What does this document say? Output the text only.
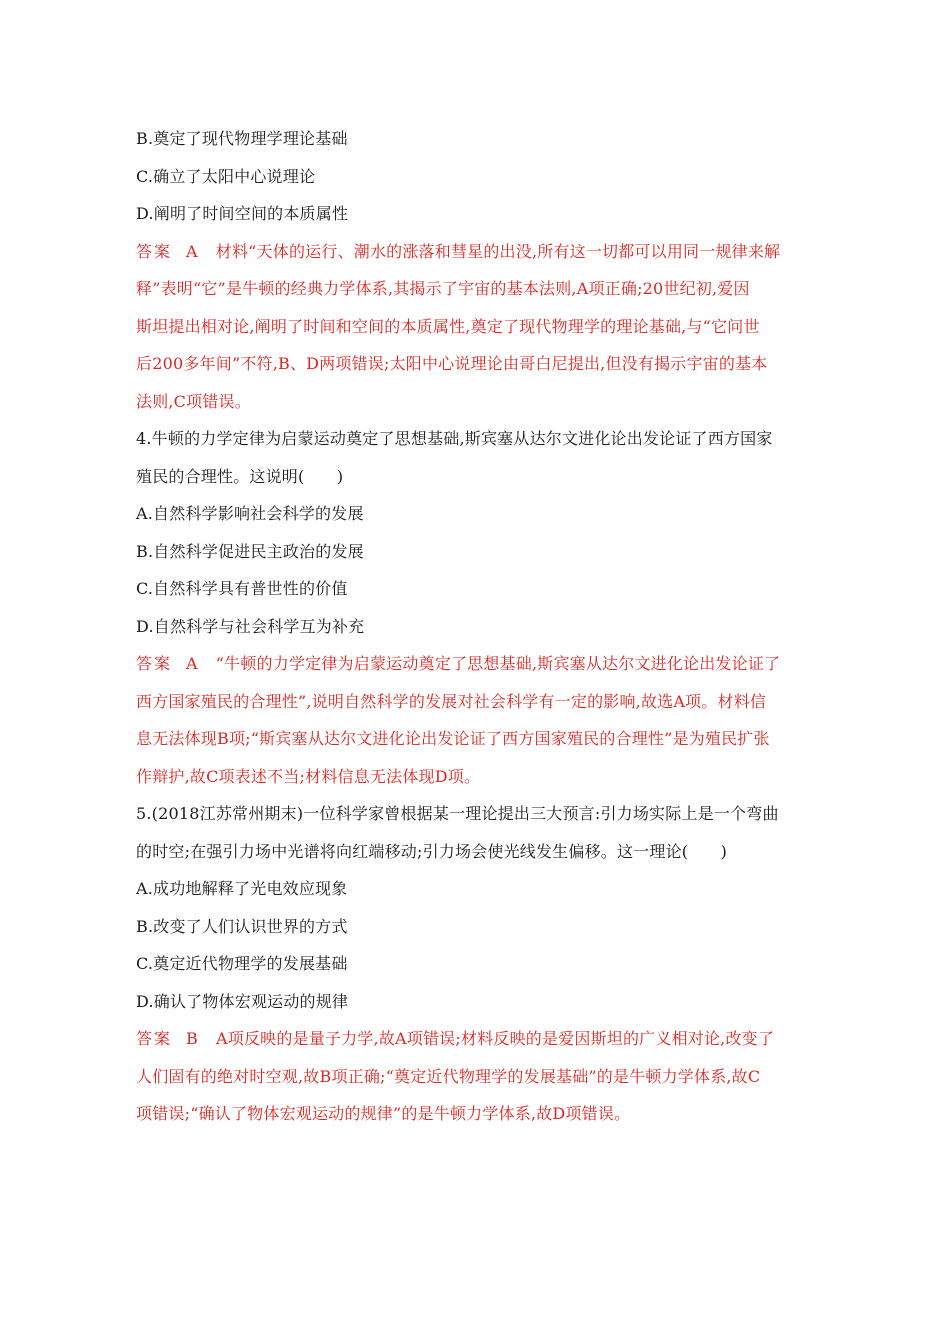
B.奠定了现代物理学理论基础
C.确立了太阳中心说理论
D.阐明了时间空间的本质属性
答案 A 材料“天体的运行、潮水的涨落和彗星的出没,所有这一切都可以用同一规律来解
释”表明“它”是牛顿的经典力学体系,其揭示了宇宙的基本法则,A项正确;20世纪初,爱因
斯坦提出相对论,阐明了时间和空间的本质属性,奠定了现代物理学的理论基础,与“它问世
后200多年间”不符,B、D两项错误;太阳中心说理论由哥白尼提出,但没有揭示宇宙的基本
法则,C项错误。
4.牛顿的力学定律为启蒙运动奠定了思想基础,斯宾塞从达尔文进化论出发论证了西方国家
殖民的合理性。这说明(　　)
A.自然科学影响社会科学的发展
B.自然科学促进民主政治的发展
C.自然科学具有普世性的价值
D.自然科学与社会科学互为补充
答案 A “牛顿的力学定律为启蒙运动奠定了思想基础,斯宾塞从达尔文进化论出发论证了
西方国家殖民的合理性”,说明自然科学的发展对社会科学有一定的影响,故选A项。材料信
息无法体现B项;“斯宾塞从达尔文进化论出发论证了西方国家殖民的合理性”是为殖民扩张
作辩护,故C项表述不当;材料信息无法体现D项。
5.(2018江苏常州期末)一位科学家曾根据某一理论提出三大预言:引力场实际上是一个弯曲
的时空;在强引力场中光谱将向红端移动;引力场会使光线发生偏移。这一理论(　　)
A.成功地解释了光电效应现象
B.改变了人们认识世界的方式
C.奠定近代物理学的发展基础
D.确认了物体宏观运动的规律
答案 B A项反映的是量子力学,故A项错误;材料反映的是爱因斯坦的广义相对论,改变了
人们固有的绝对时空观,故B项正确;“奠定近代物理学的发展基础”的是牛顿力学体系,故C
项错误;“确认了物体宏观运动的规律”的是牛顿力学体系,故D项错误。
